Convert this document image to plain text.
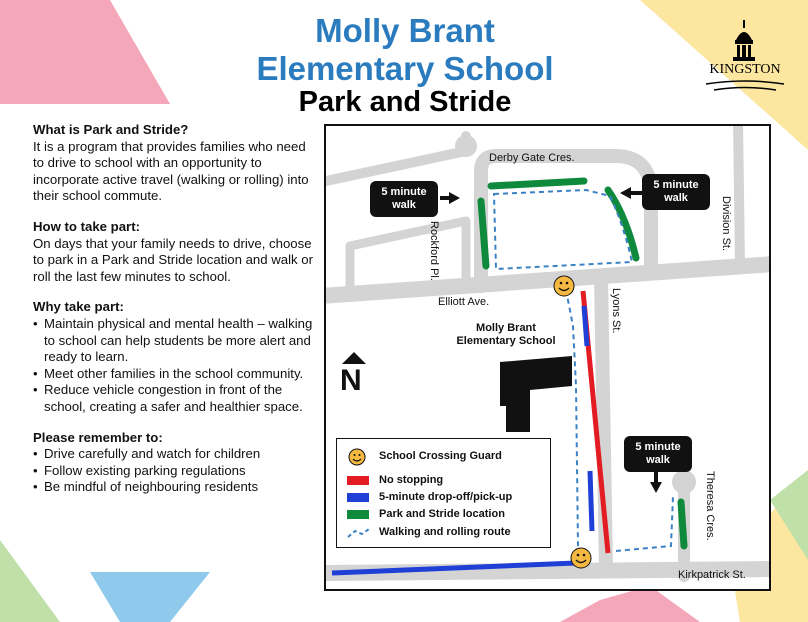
Molly Brant
Elementary School
Park and Stride
KINGSTON
What is Park and Stride?

It is a program that provides families who need to drive to school with an opportunity to incorporate active travel (walking or rolling) into their school commute.

How to take part:

On days that your family needs to drive, choose to park in a Park and Stride location and walk or roll the last few minutes to school.

Why take part:
• Maintain physical and mental health – walking to school can help students be more alert and ready to learn.
• Meet other families in the school community.
• Reduce vehicle congestion in front of the school, creating a safer and healthier space.
Please remember to:
• Drive carefully and watch for children
• Follow existing parking regulations
• Be mindful of neighbouring residents
Derby Gate Cres.
Rockford Pl.	Division St.
Elliott Ave.	Lyons St.
Theresa Cres.
Kirkpatrick St.
5 minute
walk
5 minute
walk
5 minute
walk
Molly Brant
Elementary School
N
School Crossing Guard
No stopping
5-minute drop-off/pick-up
Park and Stride location
Walking and rolling route
